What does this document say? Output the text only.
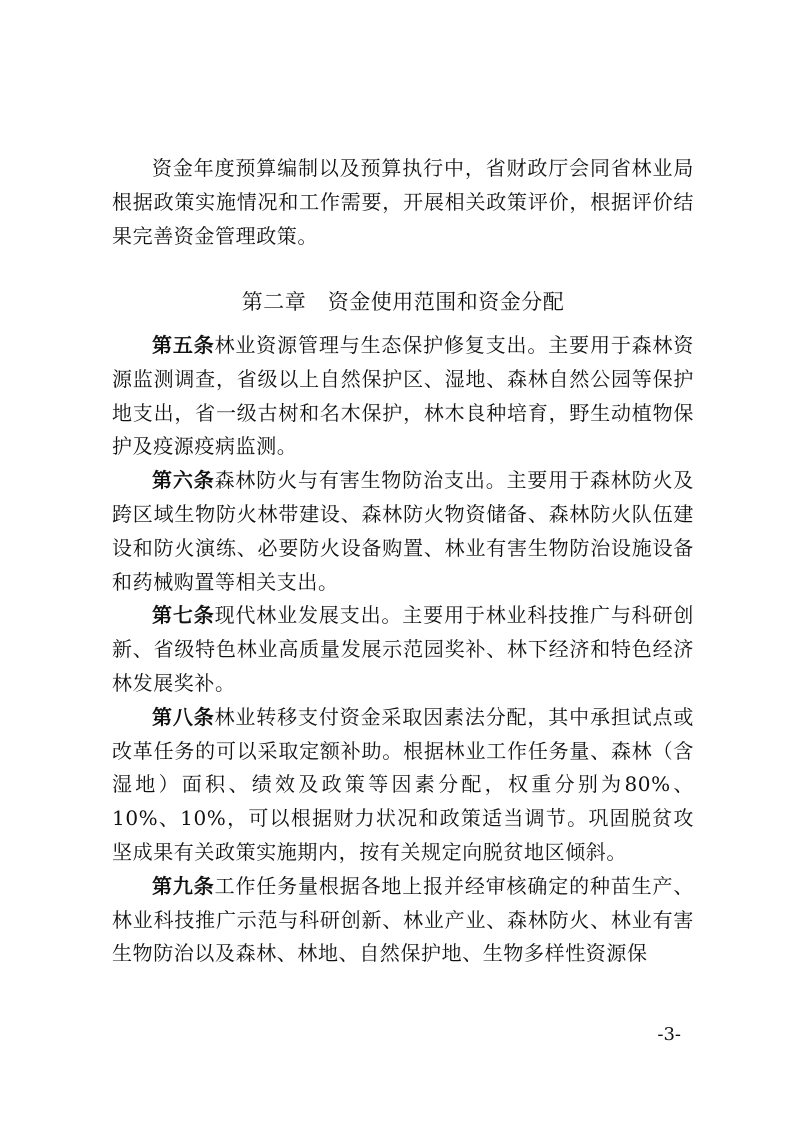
资金年度预算编制以及预算执行中，省财政厅会同省林业局根据政策实施情况和工作需要，开展相关政策评价，根据评价结果完善资金管理政策。

第二章　资金使用范围和资金分配

第五条林业资源管理与生态保护修复支出。主要用于森林资源监测调查，省级以上自然保护区、湿地、森林自然公园等保护地支出，省一级古树和名木保护，林木良种培育，野生动植物保护及疫源疫病监测。

第六条森林防火与有害生物防治支出。主要用于森林防火及跨区域生物防火林带建设、森林防火物资储备、森林防火队伍建设和防火演练、必要防火设备购置、林业有害生物防治设施设备和药械购置等相关支出。

第七条现代林业发展支出。主要用于林业科技推广与科研创新、省级特色林业高质量发展示范园奖补、林下经济和特色经济林发展奖补。

第八条林业转移支付资金采取因素法分配，其中承担试点或改革任务的可以采取定额补助。根据林业工作任务量、森林（含湿地）面积、绩效及政策等因素分配，权重分别为80%、10%、10%，可以根据财力状况和政策适当调节。巩固脱贫攻坚成果有关政策实施期内，按有关规定向脱贫地区倾斜。

第九条工作任务量根据各地上报并经审核确定的种苗生产、林业科技推广示范与科研创新、林业产业、森林防火、林业有害生物防治以及森林、林地、自然保护地、生物多样性资源保

-3-
